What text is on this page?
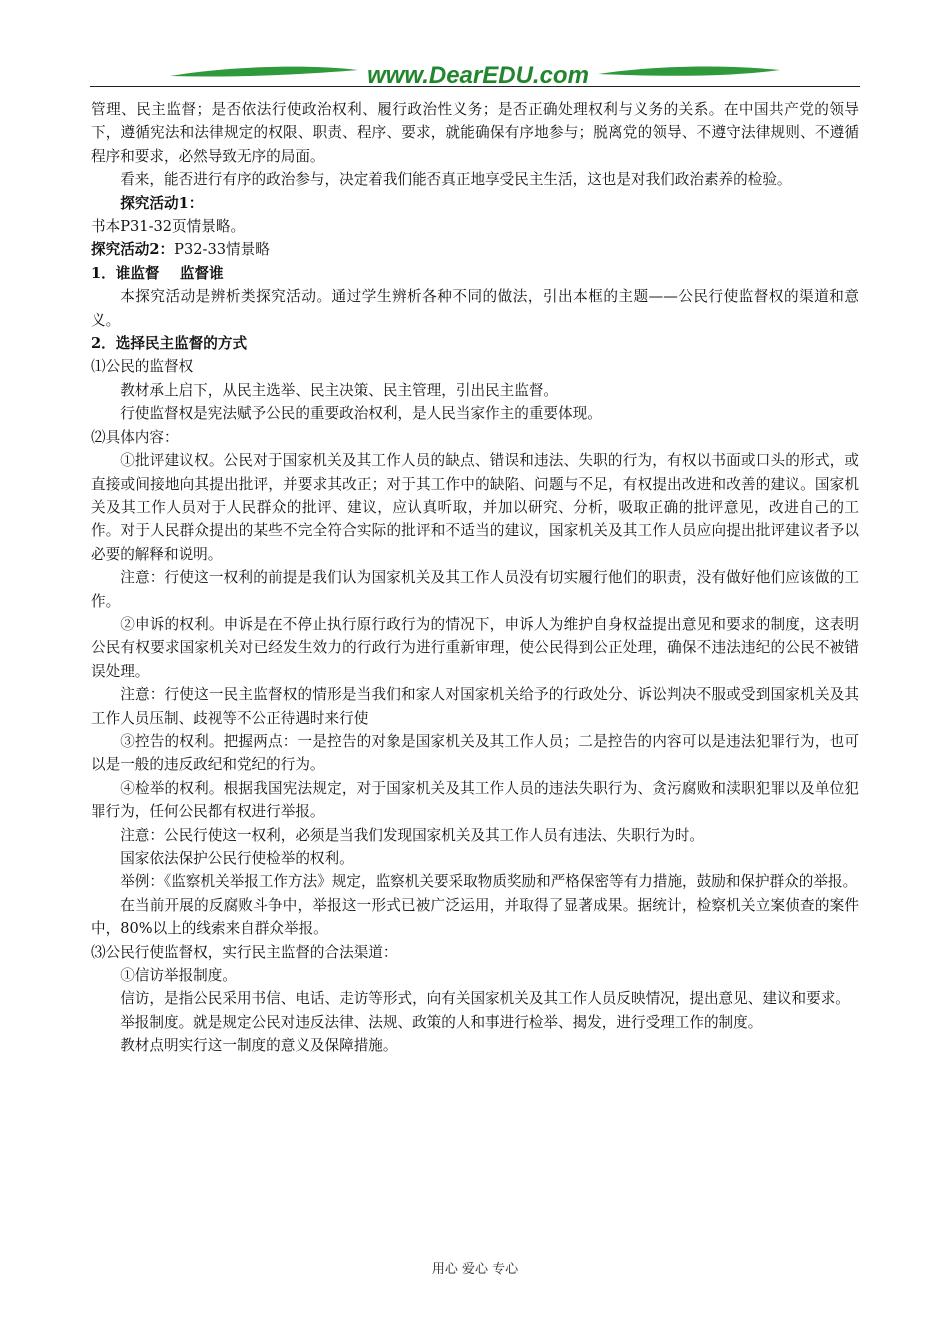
www.DearEDU.com

管理、民主监督；是否依法行使政治权利、履行政治性义务；是否正确处理权利与义务的关系。在中国共产党的领导下，遵循宪法和法律规定的权限、职责、程序、要求，就能确保有序地参与；脱离党的领导、不遵守法律规则、不遵循程序和要求，必然导致无序的局面。

看来，能否进行有序的政治参与，决定着我们能否真正地享受民主生活，这也是对我们政治素养的检验。

探究活动1：

书本P31-32页情景略。

探究活动2：P32-33情景略

1．谁监督    监督谁

本探究活动是辨析类探究活动。通过学生辨析各种不同的做法，引出本框的主题——公民行使监督权的渠道和意义。

2．选择民主监督的方式

⑴公民的监督权

教材承上启下，从民主选举、民主决策、民主管理，引出民主监督。

行使监督权是宪法赋予公民的重要政治权利，是人民当家作主的重要体现。

⑵具体内容：

①批评建议权。公民对于国家机关及其工作人员的缺点、错误和违法、失职的行为，有权以书面或口头的形式，或直接或间接地向其提出批评，并要求其改正；对于其工作中的缺陷、问题与不足，有权提出改进和改善的建议。国家机关及其工作人员对于人民群众的批评、建议，应认真听取，并加以研究、分析，吸取正确的批评意见，改进自己的工作。对于人民群众提出的某些不完全符合实际的批评和不适当的建议，国家机关及其工作人员应向提出批评建议者予以必要的解释和说明。

注意：行使这一权利的前提是我们认为国家机关及其工作人员没有切实履行他们的职责，没有做好他们应该做的工作。

②申诉的权利。申诉是在不停止执行原行政行为的情况下，申诉人为维护自身权益提出意见和要求的制度，这表明公民有权要求国家机关对已经发生效力的行政行为进行重新审理，使公民得到公正处理，确保不违法违纪的公民不被错误处理。

注意：行使这一民主监督权的情形是当我们和家人对国家机关给予的行政处分、诉讼判决不服或受到国家机关及其工作人员压制、歧视等不公正待遇时来行使

③控告的权利。把握两点：一是控告的对象是国家机关及其工作人员；二是控告的内容可以是违法犯罪行为，也可以是一般的违反政纪和党纪的行为。

④检举的权利。根据我国宪法规定，对于国家机关及其工作人员的违法失职行为、贪污腐败和渎职犯罪以及单位犯罪行为，任何公民都有权进行举报。

注意：公民行使这一权利，必须是当我们发现国家机关及其工作人员有违法、失职行为时。

国家依法保护公民行使检举的权利。

举例：《监察机关举报工作方法》规定，监察机关要采取物质奖励和严格保密等有力措施，鼓励和保护群众的举报。

在当前开展的反腐败斗争中，举报这一形式已被广泛运用，并取得了显著成果。据统计，检察机关立案侦查的案件中，80%以上的线索来自群众举报。

⑶公民行使监督权，实行民主监督的合法渠道：

①信访举报制度。

信访，是指公民采用书信、电话、走访等形式，向有关国家机关及其工作人员反映情况，提出意见、建议和要求。

举报制度。就是规定公民对违反法律、法规、政策的人和事进行检举、揭发，进行受理工作的制度。

教材点明实行这一制度的意义及保障措施。

用心 爱心 专心
